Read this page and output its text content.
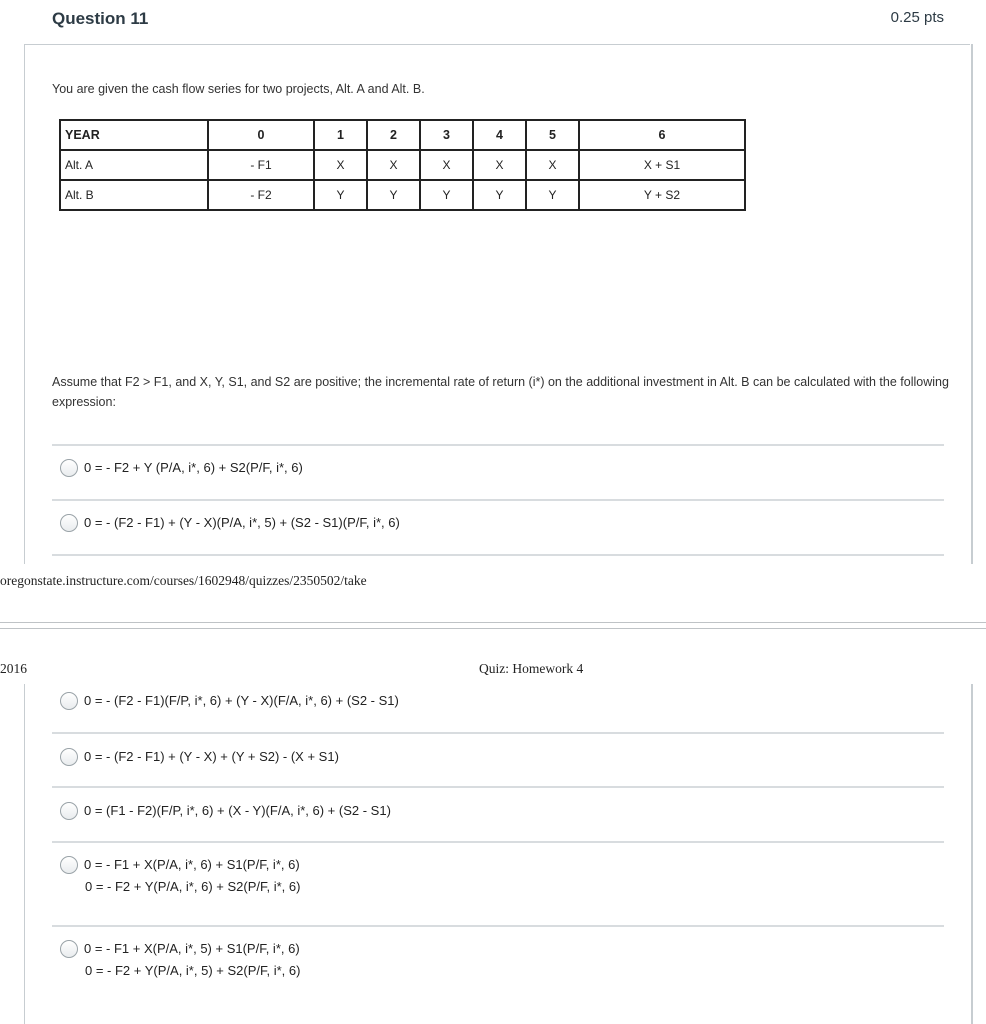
Question 11	0.25 pts
You are given the cash flow series for two projects, Alt. A and Alt. B.
YEAR	0	1	2	3	4	5	6
Alt. A	- F1	X	X	X	X	X	X + S1
Alt. B	- F2	Y	Y	Y	Y	Y	Y + S2
Assume that F2 > F1, and X, Y, S1, and S2 are positive; the incremental rate of return (i*) on the additional investment in Alt. B can be calculated with the following expression:
0 = - F2 + Y (P/A, i*, 6) + S2(P/F, i*, 6)
0 = - (F2 - F1) + (Y - X)(P/A, i*, 5) + (S2 - S1)(P/F, i*, 6)
oregonstate.instructure.com/courses/1602948/quizzes/2350502/take
2016	Quiz: Homework 4
0 = - (F2 - F1)(F/P, i*, 6) + (Y - X)(F/A, i*, 6) + (S2 - S1)
0 = - (F2 - F1) + (Y - X) + (Y + S2) - (X + S1)
0 = (F1 - F2)(F/P, i*, 6) + (X - Y)(F/A, i*, 6) + (S2 - S1)
0 = - F1 + X(P/A, i*, 6) + S1(P/F, i*, 6)
0 = - F2 + Y(P/A, i*, 6) + S2(P/F, i*, 6)
0 = - F1 + X(P/A, i*, 5) + S1(P/F, i*, 6)
0 = - F2 + Y(P/A, i*, 5) + S2(P/F, i*, 6)
